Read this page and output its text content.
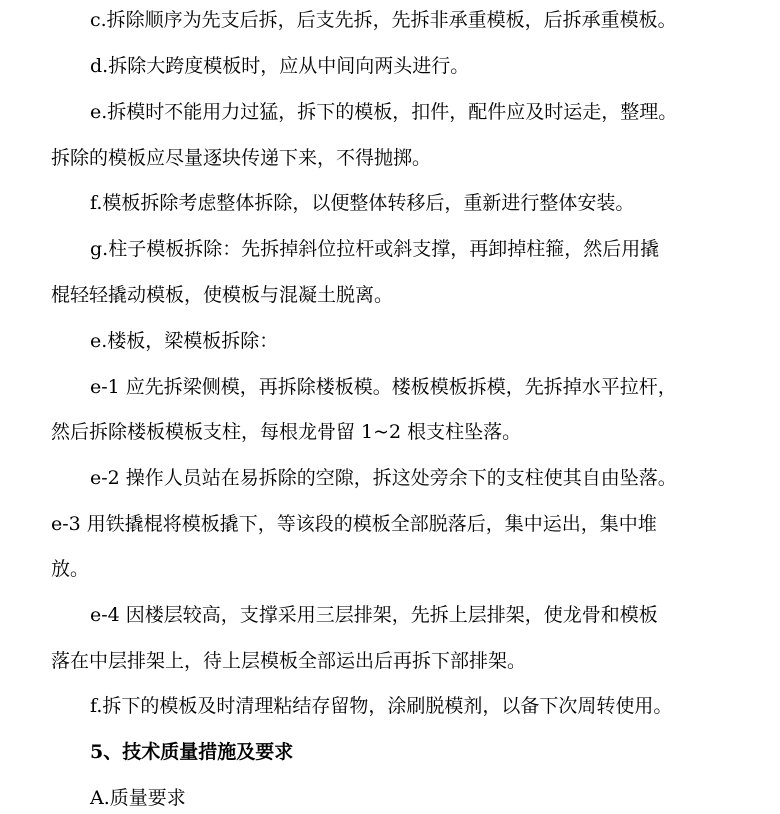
c.拆除顺序为先支后拆，后支先拆，先拆非承重模板，后拆承重模板。
d.拆除大跨度模板时，应从中间向两头进行。
e.拆模时不能用力过猛，拆下的模板，扣件，配件应及时运走，整理。
拆除的模板应尽量逐块传递下来，不得抛掷。
f.模板拆除考虑整体拆除，以便整体转移后，重新进行整体安装。
g.柱子模板拆除：先拆掉斜位拉杆或斜支撑，再卸掉柱箍，然后用撬
棍轻轻撬动模板，使模板与混凝土脱离。
e.楼板，梁模板拆除：
e-1 应先拆梁侧模，再拆除楼板模。楼板模板拆模，先拆掉水平拉杆，
然后拆除楼板模板支柱，每根龙骨留 1~2 根支柱坠落。
e-2 操作人员站在易拆除的空隙，拆这处旁余下的支柱使其自由坠落。
e-3 用铁撬棍将模板撬下，等该段的模板全部脱落后，集中运出，集中堆
放。
e-4 因楼层较高，支撑采用三层排架，先拆上层排架，使龙骨和模板
落在中层排架上，待上层模板全部运出后再拆下部排架。
f.拆下的模板及时清理粘结存留物，涂刷脱模剂，以备下次周转使用。
5、技术质量措施及要求
A.质量要求
